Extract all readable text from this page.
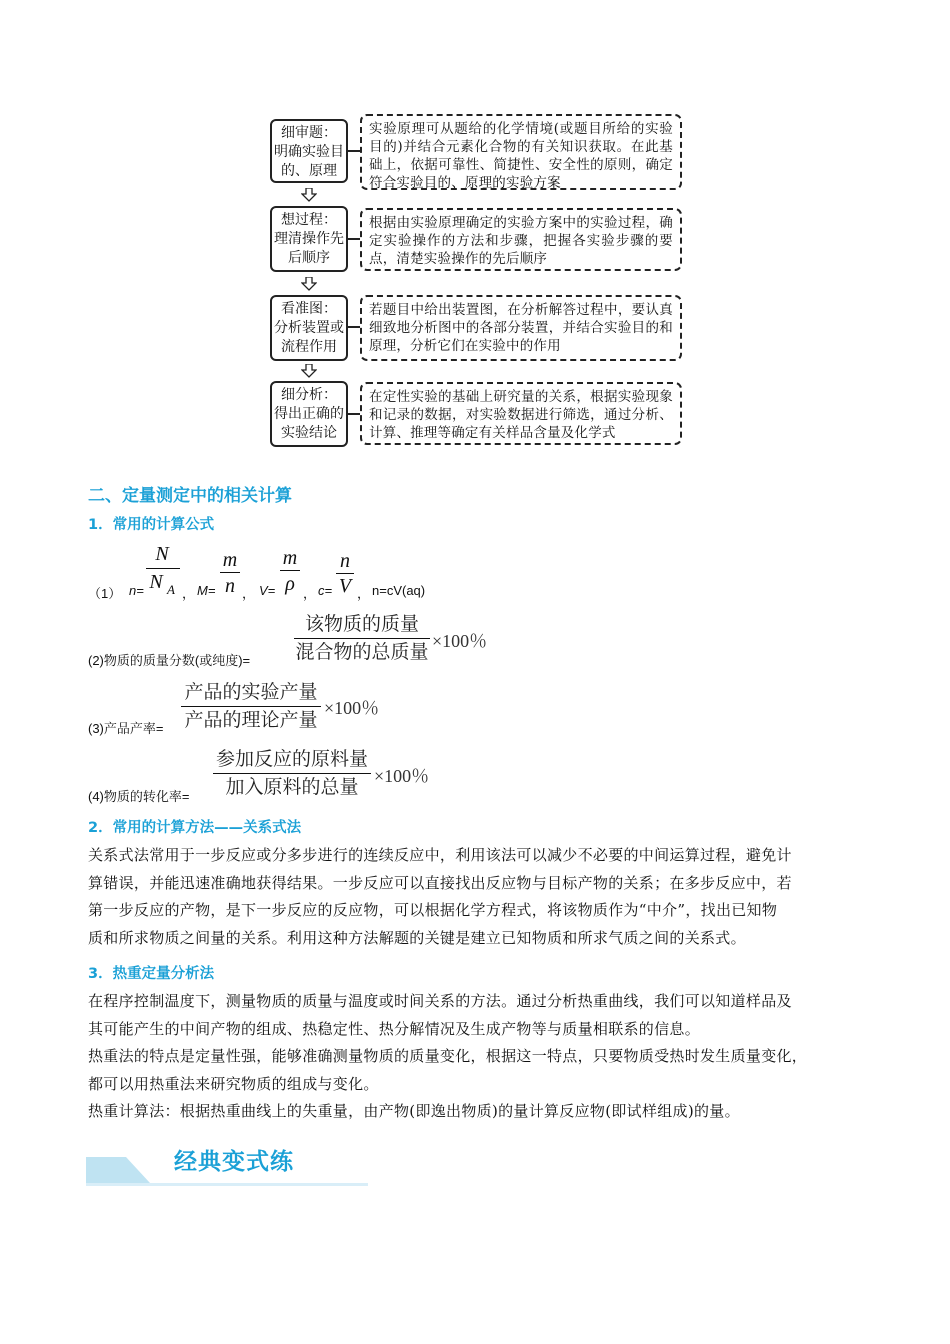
细审题：
明确实验目的、原理
实验原理可从题给的化学情境(或题目所给的实验目的)并结合元素化合物的有关知识获取。在此基础上，依据可靠性、简捷性、安全性的原则，确定符合实验目的、原理的实验方案
想过程：
理清操作先后顺序
根据由实验原理确定的实验方案中的实验过程，确定实验操作的方法和步骤，把握各实验步骤的要点，清楚实验操作的先后顺序
看准图：
分析装置或流程作用
若题目中给出装置图，在分析解答过程中，要认真细致地分析图中的各部分装置，并结合实验目的和原理，分析它们在实验中的作用
细分析：
得出正确的实验结论
在定性实验的基础上研究量的关系，根据实验现象和记录的数据，对实验数据进行筛选，通过分析、计算、推理等确定有关样品含量及化学式
二、定量测定中的相关计算
1．常用的计算公式
（1） n=
N
N A ， M=
m
n ， V=
m
ρ ， c=
n
V ， n=cV(aq)
(2)物质的质量分数(或纯度)=
该物质的质量
混合物的总质量 ×100％
(3)产品产率=
产品的实验产量
产品的理论产量
×100％
(4)物质的转化率=
参加反应的原料量
加入原料的总量 ×100％
2．常用的计算方法——关系式法
关系式法常用于一步反应或分多步进行的连续反应中，利用该法可以减少不必要的中间运算过程，避免计
算错误，并能迅速准确地获得结果。一步反应可以直接找出反应物与目标产物的关系；在多步反应中，若
第一步反应的产物，是下一步反应的反应物，可以根据化学方程式，将该物质作为“中介”，找出已知物
质和所求物质之间量的关系。利用这种方法解题的关键是建立已知物质和所求气质之间的关系式。
3．热重定量分析法
在程序控制温度下，测量物质的质量与温度或时间关系的方法。通过分析热重曲线，我们可以知道样品及
其可能产生的中间产物的组成、热稳定性、热分解情况及生成产物等与质量相联系的信息。
热重法的特点是定量性强，能够准确测量物质的质量变化，根据这一特点，只要物质受热时发生质量变化，
都可以用热重法来研究物质的组成与变化。
热重计算法：根据热重曲线上的失重量，由产物(即逸出物质)的量计算反应物(即试样组成)的量。
经典变式练
